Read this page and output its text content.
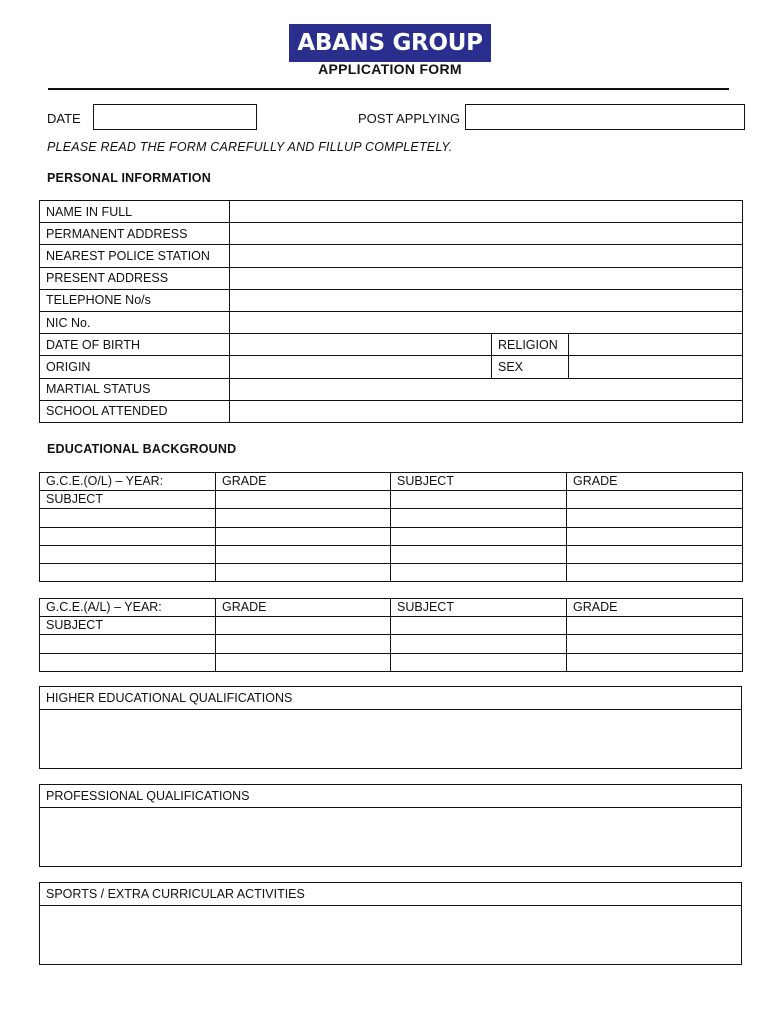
ABANS GROUP
APPLICATION FORM
DATE	POST APPLYING
PLEASE READ THE FORM CAREFULLY AND FILLUP COMPLETELY.
PERSONAL INFORMATION
NAME IN FULL			
PERMANENT ADDRESS			
NEAREST POLICE STATION			
PRESENT ADDRESS			
TELEPHONE No/s			
NIC No.			
DATE OF BIRTH		RELIGION	
ORIGIN		SEX	
MARTIAL STATUS			
SCHOOL ATTENDED			
EDUCATIONAL BACKGROUND
G.C.E.(O/L) – YEAR:	GRADE	SUBJECT	GRADE
SUBJECT			

G.C.E.(A/L) – YEAR:	GRADE	SUBJECT	GRADE
SUBJECT			

HIGHER EDUCATIONAL QUALIFICATIONS

PROFESSIONAL QUALIFICATIONS

SPORTS / EXTRA CURRICULAR ACTIVITIES
